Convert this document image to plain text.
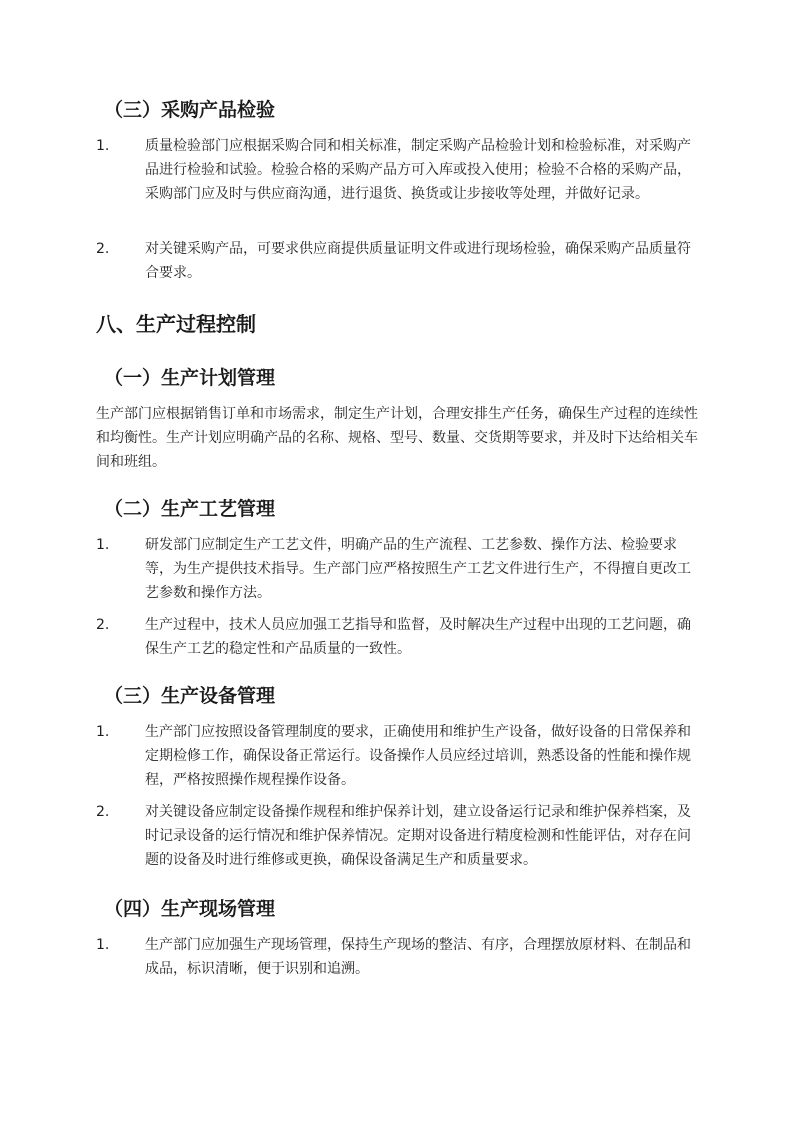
（三）采购产品检验
1.	质量检验部门应根据采购合同和相关标准，制定采购产品检验计划和检验标准，对采购产品进行检验和试验。检验合格的采购产品方可入库或投入使用；检验不合格的采购产品，采购部门应及时与供应商沟通，进行退货、换货或让步接收等处理，并做好记录。
2.	对关键采购产品，可要求供应商提供质量证明文件或进行现场检验，确保采购产品质量符合要求。
八、生产过程控制
（一）生产计划管理
生产部门应根据销售订单和市场需求，制定生产计划，合理安排生产任务，确保生产过程的连续性和均衡性。生产计划应明确产品的名称、规格、型号、数量、交货期等要求，并及时下达给相关车间和班组。
（二）生产工艺管理
1.	研发部门应制定生产工艺文件，明确产品的生产流程、工艺参数、操作方法、检验要求等，为生产提供技术指导。生产部门应严格按照生产工艺文件进行生产，不得擅自更改工艺参数和操作方法。
2.	生产过程中，技术人员应加强工艺指导和监督，及时解决生产过程中出现的工艺问题，确保生产工艺的稳定性和产品质量的一致性。
（三）生产设备管理
1.	生产部门应按照设备管理制度的要求，正确使用和维护生产设备，做好设备的日常保养和定期检修工作，确保设备正常运行。设备操作人员应经过培训，熟悉设备的性能和操作规程，严格按照操作规程操作设备。
2.	对关键设备应制定设备操作规程和维护保养计划，建立设备运行记录和维护保养档案，及时记录设备的运行情况和维护保养情况。定期对设备进行精度检测和性能评估，对存在问题的设备及时进行维修或更换，确保设备满足生产和质量要求。
（四）生产现场管理
1.	生产部门应加强生产现场管理，保持生产现场的整洁、有序，合理摆放原材料、在制品和成品，标识清晰，便于识别和追溯。
